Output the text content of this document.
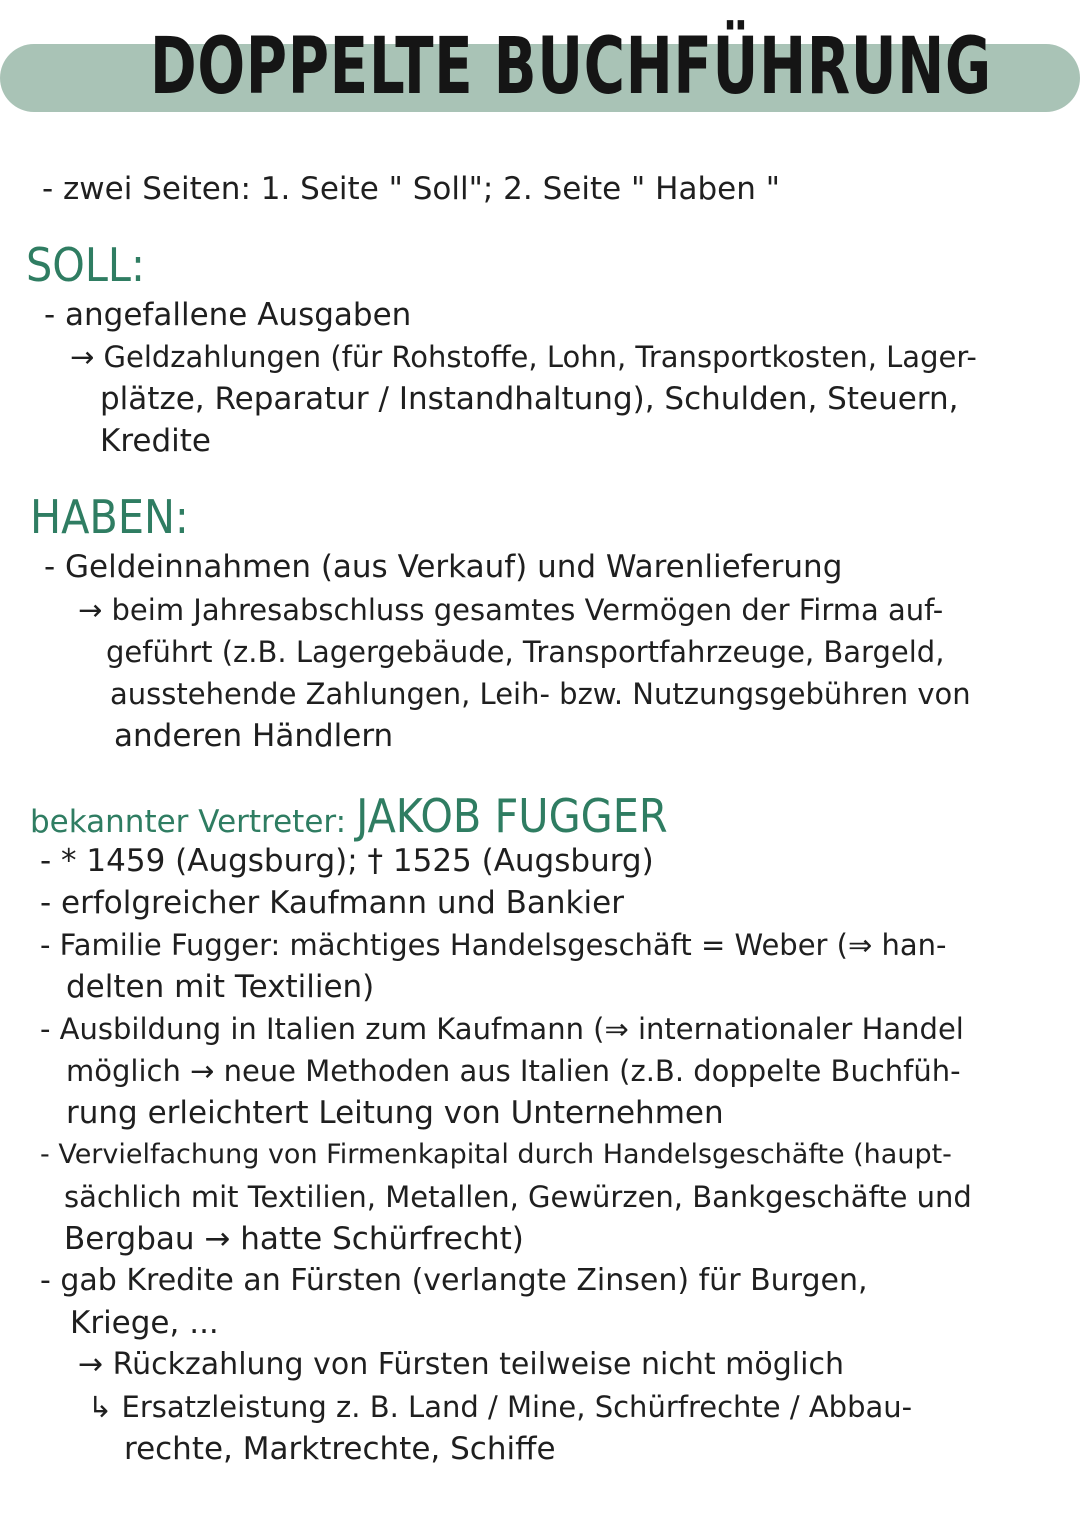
DOPPELTE BUCHFÜHRUNG
- zwei Seiten: 1. Seite " Soll"; 2. Seite " Haben "
SOLL:
- angefallene Ausgaben
→ Geldzahlungen (für Rohstoffe, Lohn, Transportkosten, Lager-
plätze, Reparatur / Instandhaltung), Schulden, Steuern,
Kredite
HABEN:
- Geldeinnahmen (aus Verkauf) und Warenlieferung
→ beim Jahresabschluss gesamtes Vermögen der Firma auf-
geführt (z.B. Lagergebäude, Transportfahrzeuge, Bargeld,
ausstehende Zahlungen, Leih- bzw. Nutzungsgebühren von
anderen Händlern
bekannter Vertreter: JAKOB FUGGER
- * 1459 (Augsburg); † 1525 (Augsburg)
- erfolgreicher Kaufmann und Bankier
- Familie Fugger: mächtiges Handelsgeschäft = Weber (⇒ han-
delten mit Textilien)
- Ausbildung in Italien zum Kaufmann (⇒ internationaler Handel
möglich → neue Methoden aus Italien (z.B. doppelte Buchfüh-
rung erleichtert Leitung von Unternehmen
- Vervielfachung von Firmenkapital durch Handelsgeschäfte (haupt-
sächlich mit Textilien, Metallen, Gewürzen, Bankgeschäfte und
Bergbau → hatte Schürfrecht)
- gab Kredite an Fürsten (verlangte Zinsen) für Burgen,
Kriege, ...
→ Rückzahlung von Fürsten teilweise nicht möglich
↳ Ersatzleistung z. B. Land / Mine, Schürfrechte / Abbau-
rechte, Marktrechte, Schiffe
